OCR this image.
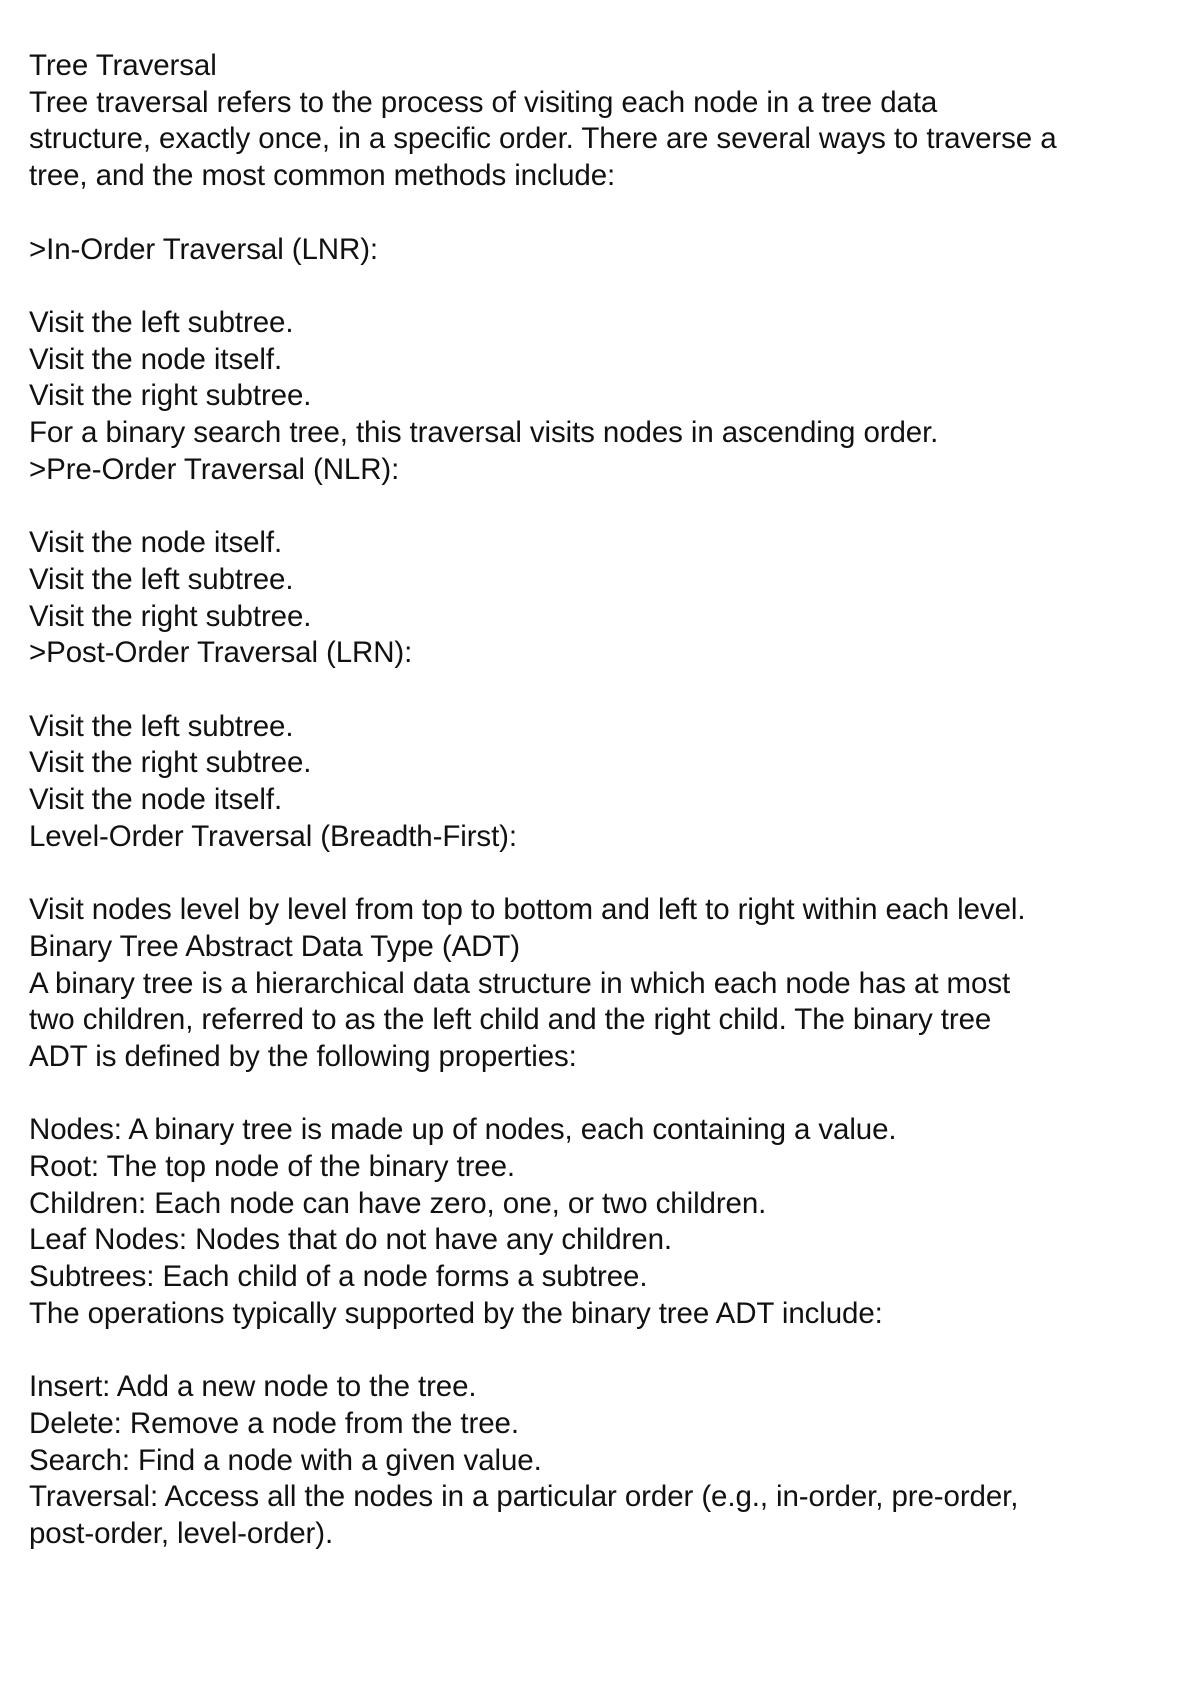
Tree Traversal
Tree traversal refers to the process of visiting each node in a tree data
structure, exactly once, in a specific order. There are several ways to traverse a
tree, and the most common methods include:
>In-Order Traversal (LNR):
Visit the left subtree.
Visit the node itself.
Visit the right subtree.
For a binary search tree, this traversal visits nodes in ascending order.
>Pre-Order Traversal (NLR):
Visit the node itself.
Visit the left subtree.
Visit the right subtree.
>Post-Order Traversal (LRN):
Visit the left subtree.
Visit the right subtree.
Visit the node itself.
Level-Order Traversal (Breadth-First):
Visit nodes level by level from top to bottom and left to right within each level.
Binary Tree Abstract Data Type (ADT)
A binary tree is a hierarchical data structure in which each node has at most
two children, referred to as the left child and the right child. The binary tree
ADT is defined by the following properties:
Nodes: A binary tree is made up of nodes, each containing a value.
Root: The top node of the binary tree.
Children: Each node can have zero, one, or two children.
Leaf Nodes: Nodes that do not have any children.
Subtrees: Each child of a node forms a subtree.
The operations typically supported by the binary tree ADT include:
Insert: Add a new node to the tree.
Delete: Remove a node from the tree.
Search: Find a node with a given value.
Traversal: Access all the nodes in a particular order (e.g., in-order, pre-order,
post-order, level-order).
